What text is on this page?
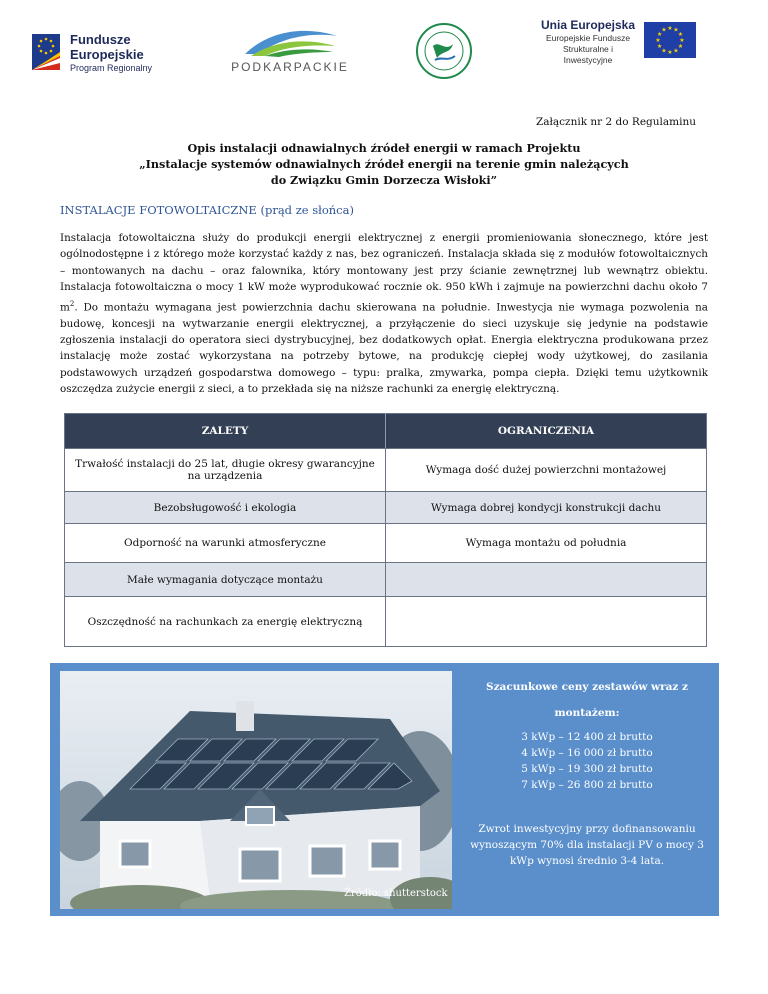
Fundusze
Europejskie
Program Regionalny	PODKARPACKIE
Unia Europejska
Europejskie Fundusze
Strukturalne i Inwestycyjne
★ ★
★
★
★
★
★
★
★
★
★
★
Załącznik nr 2 do Regulaminu
Opis instalacji odnawialnych źródeł energii w ramach Projektu
„Instalacje systemów odnawialnych źródeł energii na terenie gmin należących
do Związku Gmin Dorzecza Wisłoki”
INSTALACJE FOTOWOLTAICZNE (prąd ze słońca)
Instalacja fotowoltaiczna służy do produkcji energii elektrycznej z energii promieniowania słonecznego, które jest ogólnodostępne i z którego może korzystać każdy z nas, bez ograniczeń. Instalacja składa się z modułów fotowoltaicznych – montowanych na dachu – oraz falownika, który montowany jest przy ścianie zewnętrznej lub wewnątrz obiektu. Instalacja fotowoltaiczna o mocy 1 kW może wyprodukować rocznie ok. 950 kWh i zajmuje na powierzchni dachu około 7 $m^2$. Do montażu wymagana jest powierzchnia dachu skierowana na południe. Inwestycja nie wymaga pozwolenia na budowę, koncesji na wytwarzanie energii elektrycznej, a przyłączenie do sieci uzyskuje się jedynie na podstawie zgłoszenia instalacji do operatora sieci dystrybucyjnej, bez dodatkowych opłat. Energia elektryczna produkowana przez instalację może zostać wykorzystana na potrzeby bytowe, na produkcję ciepłej wody użytkowej, do zasilania podstawowych urządzeń gospodarstwa domowego – typu: pralka, zmywarka, pompa ciepła. Dzięki temu użytkownik oszczędza zużycie energii z sieci, a to przekłada się na niższe rachunki za energię elektryczną.
ZALETY	OGRANICZENIA
Trwałość instalacji do 25 lat, długie okresy gwarancyjne na urządzenia	Wymaga dość dużej powierzchni montażowej
Bezobsługowość i ekologia	Wymaga dobrej kondycji konstrukcji dachu
Odporność na warunki atmosferyczne	Wymaga montażu od południa
Małe wymagania dotyczące montażu	
Oszczędność na rachunkach za energię elektryczną	
Źródło: shutterstock
Szacunkowe ceny zestawów wraz z
montażem:
3 kWp – 12 400 zł brutto
4 kWp – 16 000 zł brutto
5 kWp – 19 300 zł brutto
7 kWp – 26 800 zł brutto
Zwrot inwestycyjny przy dofinansowaniu wynoszącym 70% dla instalacji PV o mocy 3 kWp wynosi średnio 3-4 lata.
